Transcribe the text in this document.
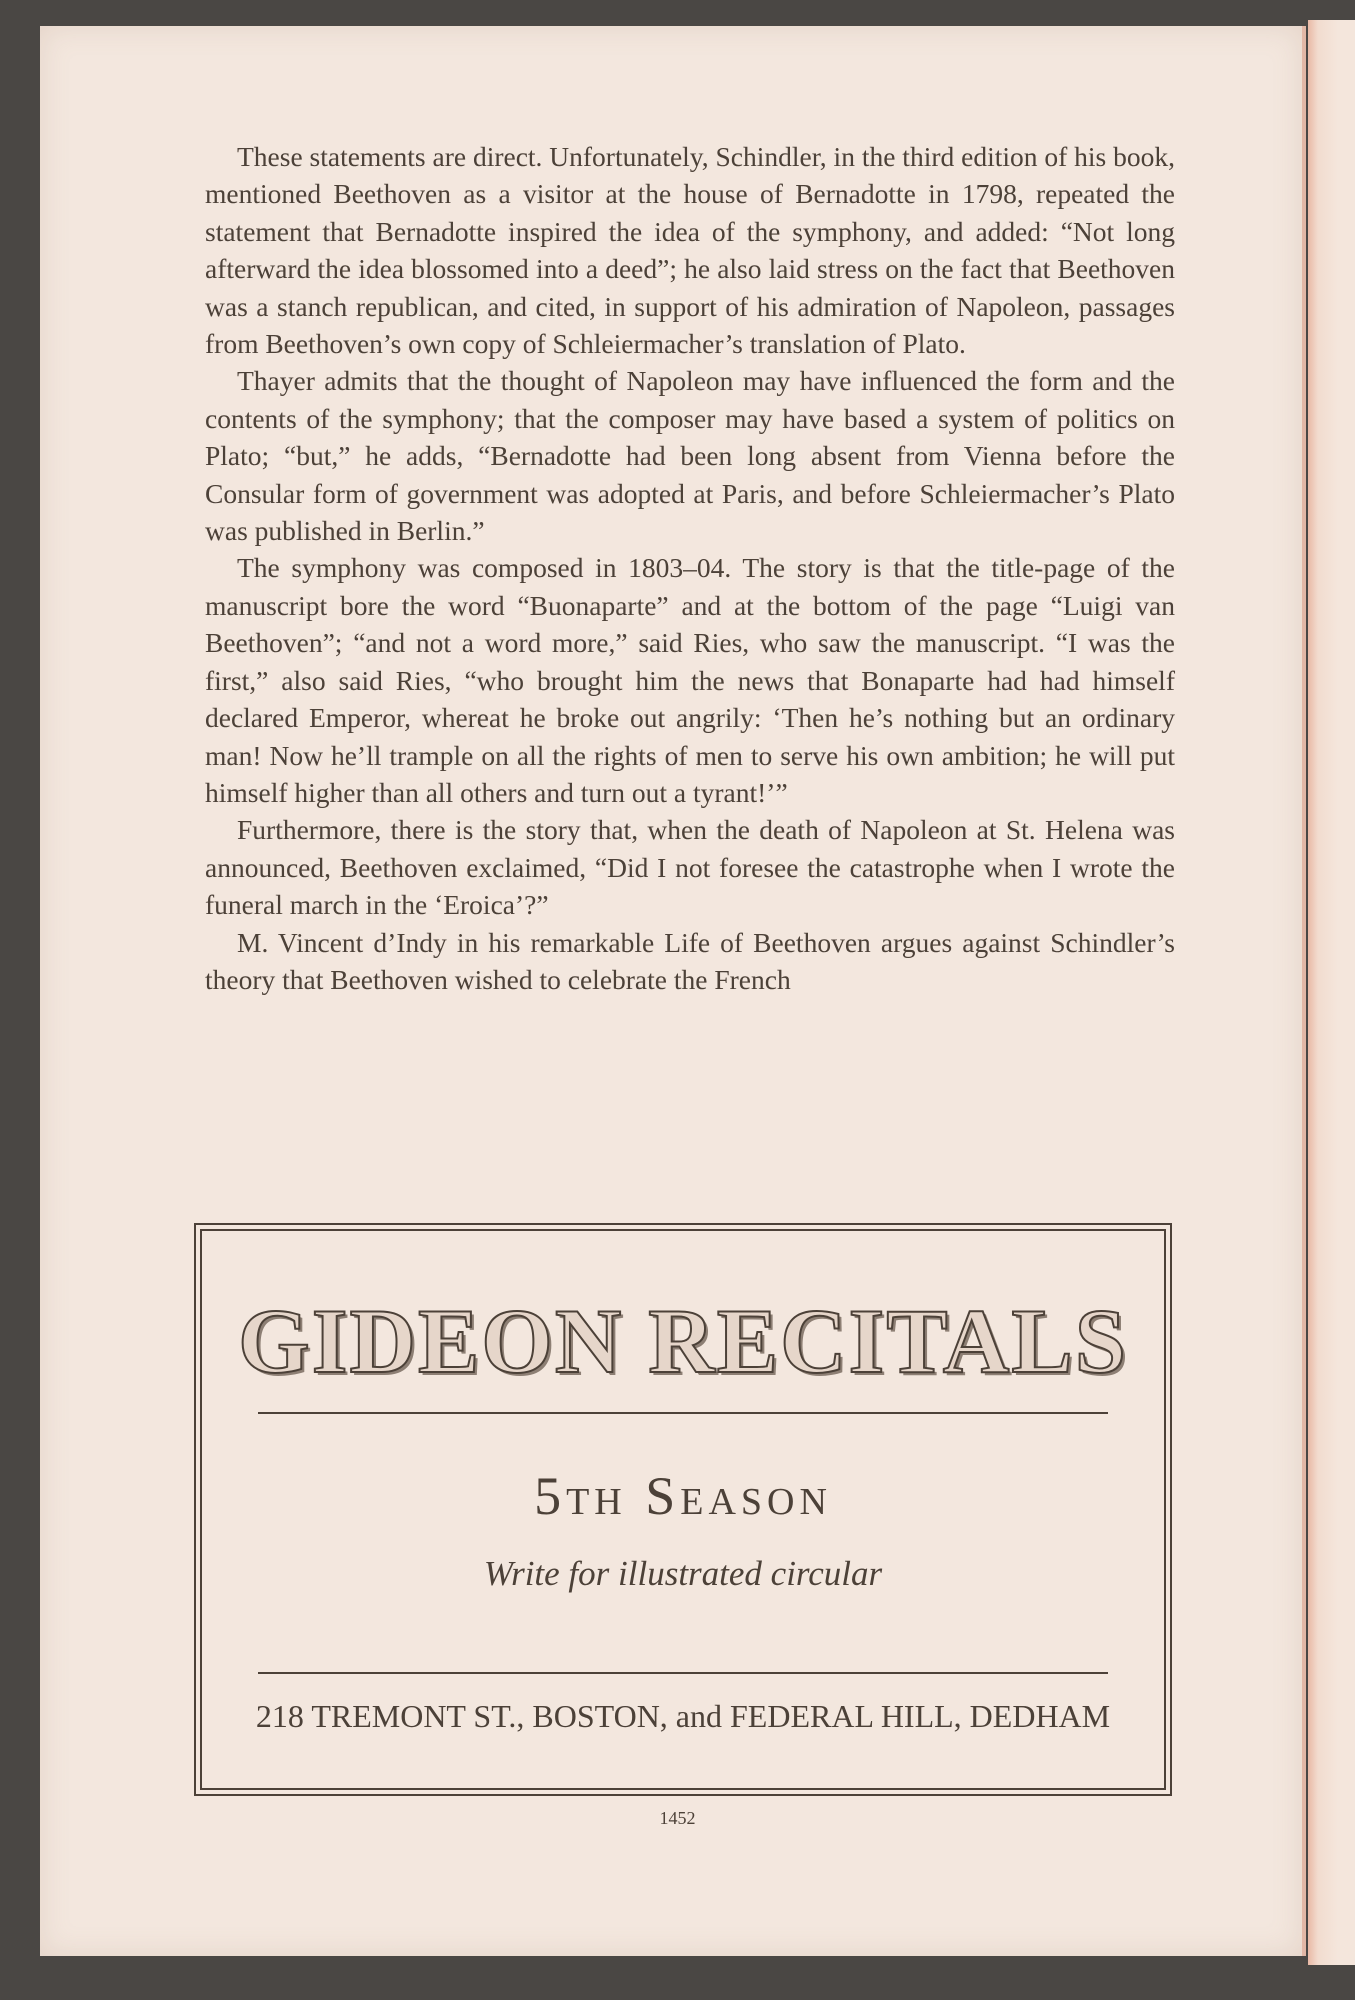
These statements are direct. Unfortunately, Schindler, in the third edition of his book, mentioned Beethoven as a visitor at the house of Bernadotte in 1798, repeated the statement that Bernadotte inspired the idea of the symphony, and added: “Not long afterward the idea blossomed into a deed”; he also laid stress on the fact that Beethoven was a stanch republican, and cited, in support of his admiration of Napoleon, passages from Beethoven’s own copy of Schleiermacher’s translation of Plato.

Thayer admits that the thought of Napoleon may have influenced the form and the contents of the symphony; that the composer may have based a system of politics on Plato; “but,” he adds, “Bernadotte had been long absent from Vienna before the Consular form of government was adopted at Paris, and before Schleiermacher’s Plato was published in Berlin.”

The symphony was composed in 1803–04. The story is that the title-page of the manuscript bore the word “Buonaparte” and at the bottom of the page “Luigi van Beethoven”; “and not a word more,” said Ries, who saw the manuscript. “I was the first,” also said Ries, “who brought him the news that Bonaparte had had himself declared Emperor, whereat he broke out angrily: ‘Then he’s nothing but an ordinary man! Now he’ll trample on all the rights of men to serve his own ambition; he will put himself higher than all others and turn out a tyrant!’”

Furthermore, there is the story that, when the death of Napoleon at St. Helena was announced, Beethoven exclaimed, “Did I not foresee the catastrophe when I wrote the funeral march in the ‘Eroica’?”

M. Vincent d’Indy in his remarkable Life of Beethoven argues against Schindler’s theory that Beethoven wished to celebrate the French

GIDEON RECITALS
5th Season
Write for illustrated circular
218 TREMONT ST., BOSTON, and FEDERAL HILL, DEDHAM
1452
